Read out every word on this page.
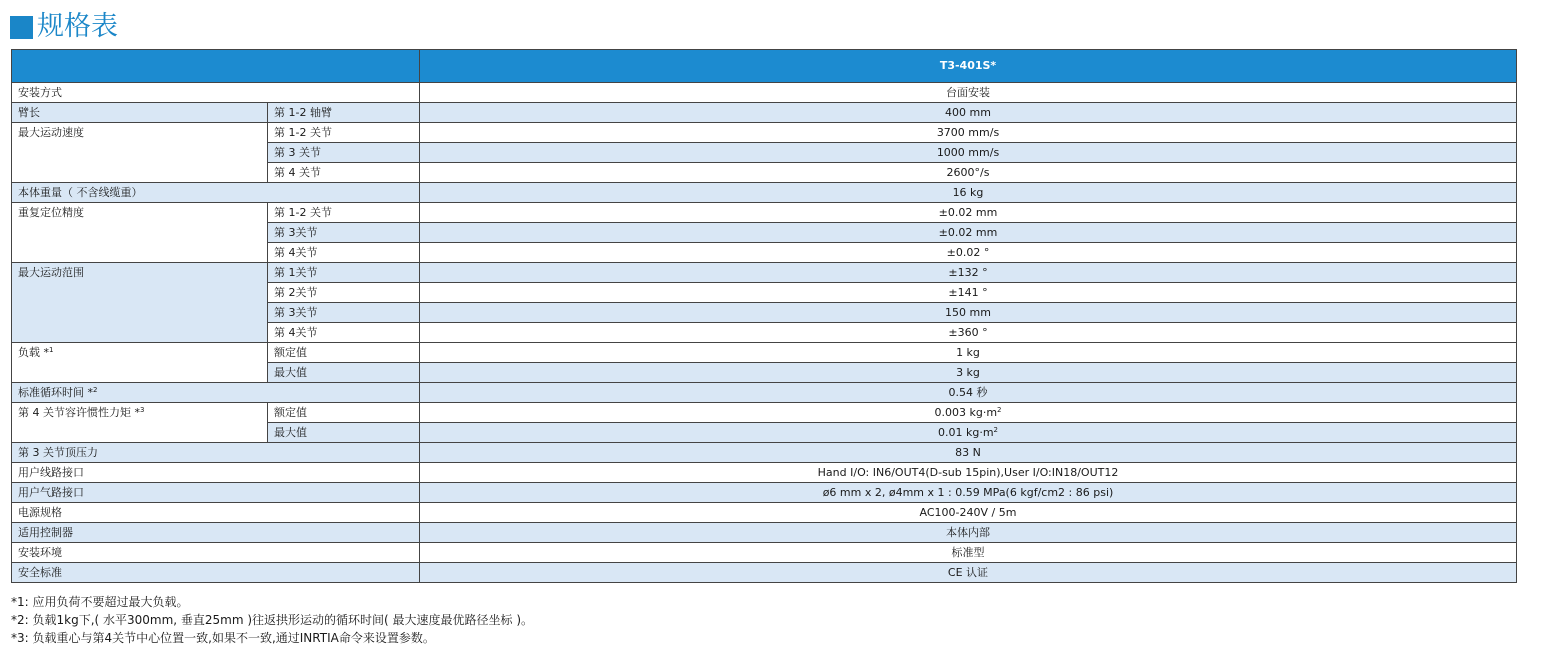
规格表
		T3-401S*
安装方式		台面安装
臂长	第 1-2 轴臂	400 mm
最大运动速度	第 1-2 关节	3700 mm/s
	第 3 关节	1000 mm/s
	第 4 关节	2600°/s
本体重量（ 不含线缆重）		16 kg
重复定位精度	第 1-2 关节	±0.02 mm
	第 3关节	±0.02 mm
	第 4关节	±0.02 °
最大运动范围	第 1关节	±132 °
	第 2关节	±141 °
	第 3关节	150 mm
	第 4关节	±360 °
负载 *$^1$	额定值	1 kg
	最大值	3 kg
标准循环时间 *$^2$		0.54 秒
第 4 关节容许惯性力矩 *$^3$	额定值	0.003 $kg\cdot m^2$
	最大值	0.01 $kg\cdot m^2$
第 3 关节顶压力		83 N
用户线路接口		Hand I/O: IN6/OUT4(D-sub 15pin),User I/O:IN18/OUT12
用户气路接口		ø6 mm x 2, ø4mm x 1 : 0.59 MPa(6 kgf/cm2 : 86 psi)
电源规格		AC100-240V / 5m
适用控制器		本体内部
安装环境		标准型
安全标准		CE 认证
*1: 应用负荷不要超过最大负载。
*2: 负载1kg下,( 水平300mm, 垂直25mm )往返拱形运动的循环时间( 最大速度最优路径坐标 )。
*3: 负载重心与第4关节中心位置一致,如果不一致,通过INRTIA命令来设置参数。
